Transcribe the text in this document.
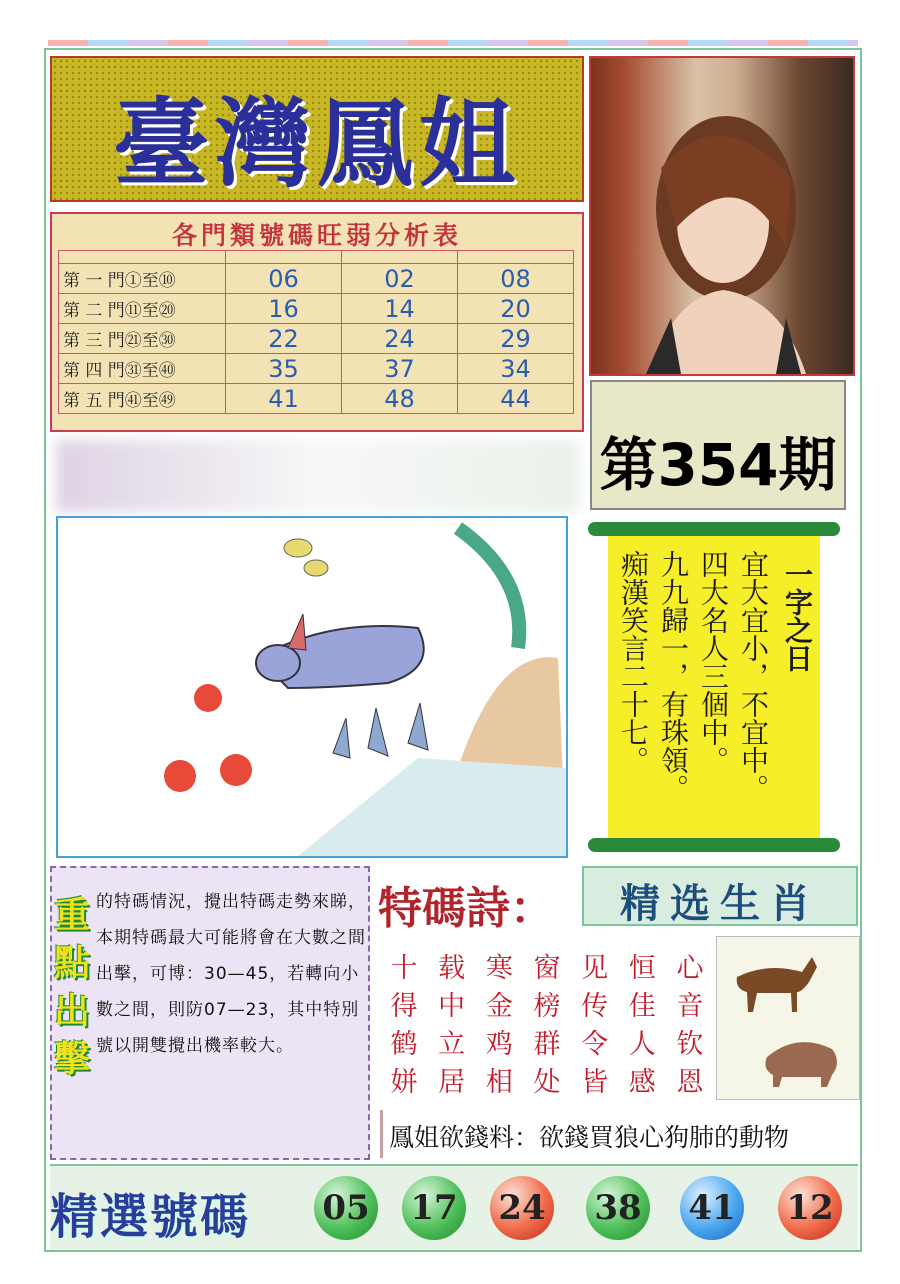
臺灣鳳姐
各門類號碼旺弱分析表

第 一 門①至⑩	06	02	08
第 二 門⑪至⑳	16	14	20
第 三 門㉑至㉚	22	24	29
第 四 門㉛至㊵	35	37	34
第 五 門㊶至㊾	41	48	44
第354期
一字之日
宜大宜小，不宜中。
四大名人三個中。
九九歸一，有珠領。
痴漢笑言二十七。
重點出擊
的特碼情況，攪出特碼走勢來睇，本期特碼最大可能將會在大數之間出擊，可博：30—45，若轉向小數之間，則防07—23，其中特別號以開雙攪出機率較大。
特碼詩：	精选生肖
十 载 寒 窗 见 恒 心
得 中 金 榜 传 佳 音
鹤 立 鸡 群 令 人 钦
姘 居 相 处 皆 感 恩
鳳姐欲錢料：欲錢買狼心狗肺的動物
精選號碼 05 17 24 38 41 12
